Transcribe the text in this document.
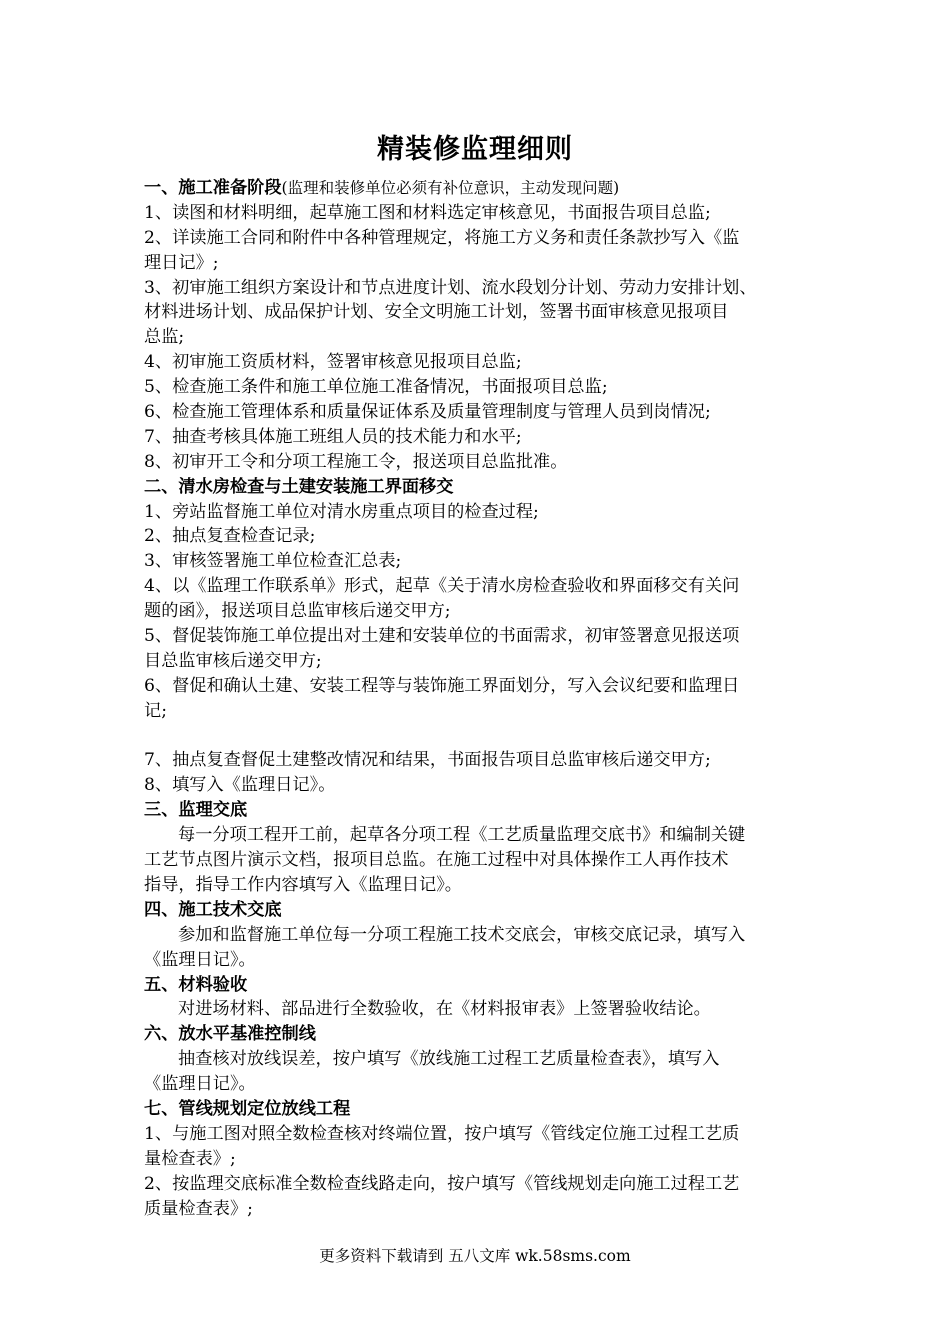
精装修监理细则
一、施工准备阶段(监理和装修单位必须有补位意识，主动发现问题)
1、读图和材料明细，起草施工图和材料选定审核意见，书面报告项目总监;
2、详读施工合同和附件中各种管理规定，将施工方义务和责任条款抄写入《监
理日记》;
3、初审施工组织方案设计和节点进度计划、流水段划分计划、劳动力安排计划、
材料进场计划、成品保护计划、安全文明施工计划，签署书面审核意见报项目
总监;
4、初审施工资质材料，签署审核意见报项目总监;
5、检查施工条件和施工单位施工准备情况，书面报项目总监;
6、检查施工管理体系和质量保证体系及质量管理制度与管理人员到岗情况;
7、抽查考核具体施工班组人员的技术能力和水平;
8、初审开工令和分项工程施工令，报送项目总监批准。
二、清水房检查与土建安装施工界面移交
1、旁站监督施工单位对清水房重点项目的检查过程;
2、抽点复查检查记录;
3、审核签署施工单位检查汇总表;
4、以《监理工作联系单》形式，起草《关于清水房检查验收和界面移交有关问
题的函》，报送项目总监审核后递交甲方;
5、督促装饰施工单位提出对土建和安装单位的书面需求，初审签署意见报送项
目总监审核后递交甲方;
6、督促和确认土建、安装工程等与装饰施工界面划分，写入会议纪要和监理日
记;
7、抽点复查督促土建整改情况和结果，书面报告项目总监审核后递交甲方;
8、填写入《监理日记》。
三、监理交底
每一分项工程开工前，起草各分项工程《工艺质量监理交底书》和编制关键
工艺节点图片演示文档，报项目总监。在施工过程中对具体操作工人再作技术
指导，指导工作内容填写入《监理日记》。
四、施工技术交底
参加和监督施工单位每一分项工程施工技术交底会，审核交底记录，填写入
《监理日记》。
五、材料验收
对进场材料、部品进行全数验收，在《材料报审表》上签署验收结论。
六、放水平基准控制线
抽查核对放线误差，按户填写《放线施工过程工艺质量检查表》，填写入
《监理日记》。
七、管线规划定位放线工程
1、与施工图对照全数检查核对终端位置，按户填写《管线定位施工过程工艺质
量检查表》;
2、按监理交底标准全数检查线路走向，按户填写《管线规划走向施工过程工艺
质量检查表》;
更多资料下载请到 五八文库 wk.58sms.com
